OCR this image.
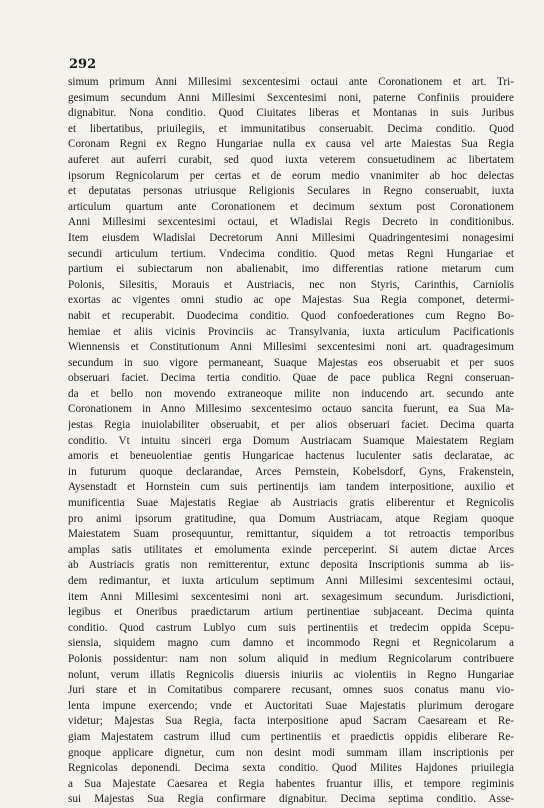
292
simum primum Anni Millesimi sexcentesimi octaui ante Coronationem et art. Tri-
gesimum secundum Anni Millesimi Sexcentesimi noni, paterne Confiniis prouidere
dignabitur. Nona conditio. Quod Ciuitates liberas et Montanas in suis Juribus
et libertatibus, priuilegiis, et immunitatibus conseruabit. Decima conditio. Quod
Coronam Regni ex Regno Hungariae nulla ex causa vel arte Maiestas Sua Regia
auferet aut auferri curabit, sed quod iuxta veterem consuetudinem ac libertatem
ipsorum Regnicolarum per certas et de eorum medio vnanimiter ab hoc delectas
et deputatas personas utriusque Religionis Seculares in Regno conseruabit, iuxta
articulum quartum ante Coronationem et decimum sextum post Coronationem
Anni Millesimi sexcentesimi octaui, et Wladislai Regis Decreto in conditionibus.
Item eiusdem Wladislai Decretorum Anni Millesimi Quadringentesimi nonagesimi
secundi articulum tertium. Vndecima conditio. Quod metas Regni Hungariae et
partium ei subiectarum non abalienabit, imo differentias ratione metarum cum
Polonis, Silesitis, Morauis et Austriacis, nec non Styris, Carinthis, Carniolis
exortas ac vigentes omni studio ac ope Majestas Sua Regia componet, determi-
nabit et recuperabit. Duodecima conditio. Quod confoederationes cum Regno Bo-
hemiae et aliis vicinis Provinciis ac Transylvania, iuxta articulum Pacificationis
Wiennensis et Constitutionum Anni Millesimi sexcentesimi noni art. quadragesimum
secundum in suo vigore permaneant, Suaque Majestas eos obseruabit et per suos
obseruari faciet. Decima tertia conditio. Quae de pace publica Regni conseruan-
da et bello non movendo extraneoque milite non inducendo art. secundo ante
Coronationem in Anno Millesimo sexcentesimo octauo sancita fuerunt, ea Sua Ma-
jestas Regia inuiolabiliter obseruabit, et per alios obseruari faciet. Decima quarta
conditio. Vt intuitu sinceri erga Domum Austriacam Suamque Maiestatem Regiam
amoris et beneuolentiae gentis Hungaricae hactenus luculenter satis declaratae, ac
in futurum quoque declarandae, Arces Pernstein, Kobelsdorf, Gyns, Frakenstein,
Aysenstadt et Hornstein cum suis pertinentijs iam tandem interpositione, auxilio et
munificentia Suae Majestatis Regiae ab Austriacis gratis eliberentur et Regnicolis
pro animi ipsorum gratitudine, qua Domum Austriacam, atque Regiam quoque
Maiestatem Suam prosequuntur, remittantur, siquidem a tot retroactis temporibus
amplas satis utilitates et emolumenta exinde perceperint. Si autem dictae Arces
ab Austriacis gratis non remitterentur, extunc deposita Inscriptionis summa ab iis-
dem redimantur, et iuxta articulum septimum Anni Millesimi sexcentesimi octaui,
item Anni Millesimi sexcentesimi noni art. sexagesimum secundum. Jurisdictioni,
legibus et Oneribus praedictarum artium pertinentiae subjaceant. Decima quinta
conditio. Quod castrum Lublyo cum suis pertinentiis et tredecim oppida Scepu-
siensia, siquidem magno cum damno et incommodo Regni et Regnicolarum a
Polonis possidentur: nam non solum aliquid in medium Regnicolarum contribuere
nolunt, verum illatis Regnicolis diuersis iniuriis ac violentiis in Regno Hungariae
Juri stare et in Comitatibus comparere recusant, omnes suos conatus manu vio-
lenta impune exercendo; vnde et Auctoritati Suae Majestatis plurimum derogare
videtur; Majestas Sua Regia, facta interpositione apud Sacram Caesaream et Re-
giam Majestatem castrum illud cum pertinentiis et praedictis oppidis eliberare Re-
gnoque applicare dignetur, cum non desint modi summam illam inscriptionis per
Regnicolas deponendi. Decima sexta conditio. Quod Milites Hajdones priuilegia
a Sua Majestate Caesarea et Regia habentes fruantur illis, et tempore regiminis
sui Majestas Sua Regia confirmare dignabitur. Decima septima conditio. Asse-
